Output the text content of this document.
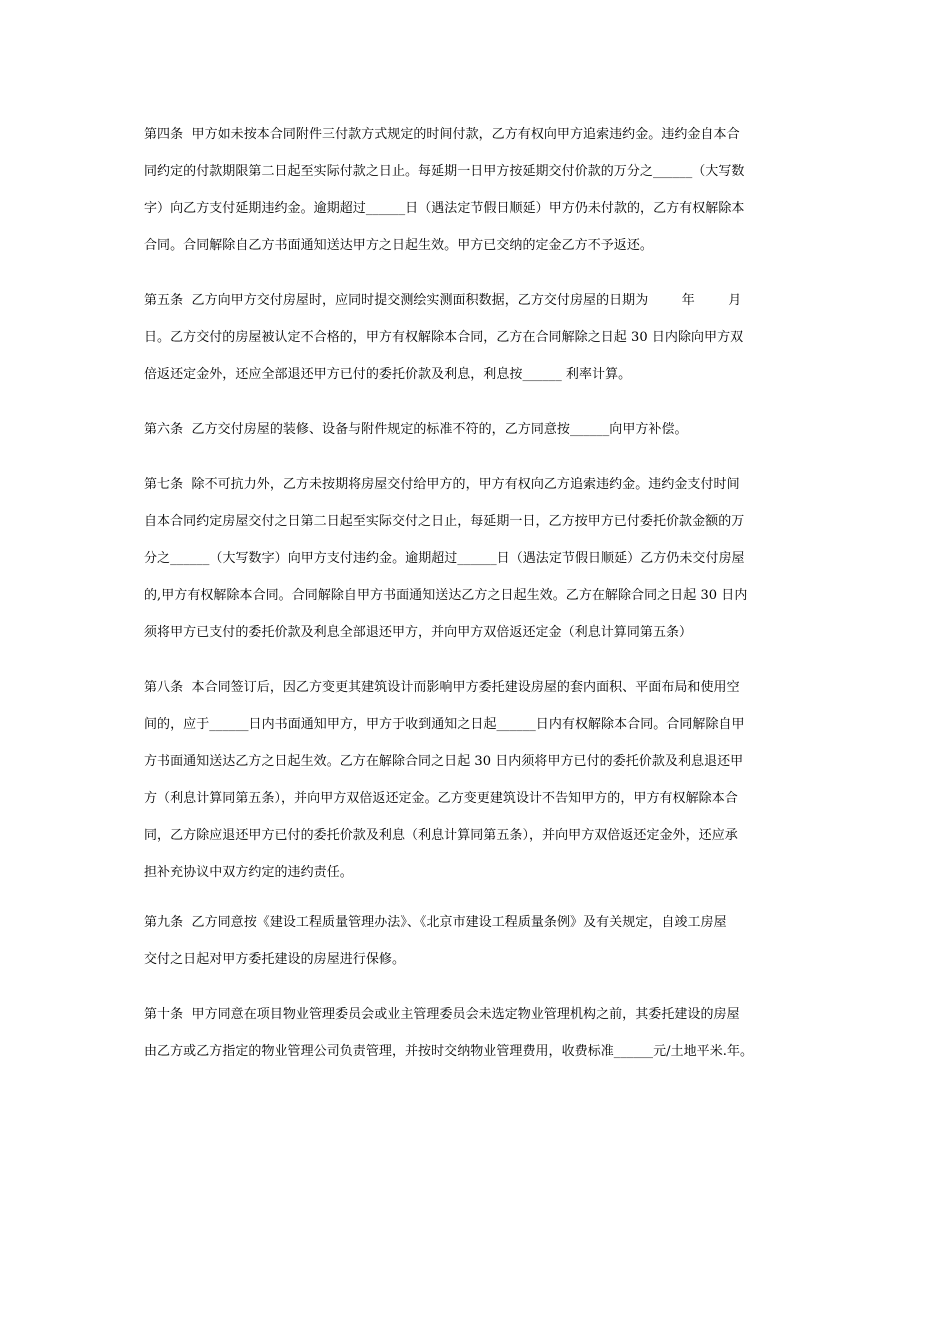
第四条  甲方如未按本合同附件三付款方式规定的时间付款，乙方有权向甲方追索违约金。违约金自本合
同约定的付款期限第二日起至实际付款之日止。每延期一日甲方按延期交付价款的万分之______（大写数
字）向乙方支付延期违约金。逾期超过______日（遇法定节假日顺延）甲方仍未付款的，乙方有权解除本
合同。合同解除自乙方书面通知送达甲方之日起生效。甲方已交纳的定金乙方不予返还。
第五条  乙方向甲方交付房屋时，应同时提交测绘实测面积数据，乙方交付房屋的日期为        年        月
日。乙方交付的房屋被认定不合格的，甲方有权解除本合同，乙方在合同解除之日起 30 日内除向甲方双
倍返还定金外，还应全部退还甲方已付的委托价款及利息，利息按______ 利率计算。
第六条  乙方交付房屋的装修、设备与附件规定的标准不符的，乙方同意按______向甲方补偿。
第七条  除不可抗力外，乙方未按期将房屋交付给甲方的，甲方有权向乙方追索违约金。违约金支付时间
自本合同约定房屋交付之日第二日起至实际交付之日止，每延期一日，乙方按甲方已付委托价款金额的万
分之______（大写数字）向甲方支付违约金。逾期超过______日（遇法定节假日顺延）乙方仍未交付房屋
的,甲方有权解除本合同。合同解除自甲方书面通知送达乙方之日起生效。乙方在解除合同之日起 30 日内
须将甲方已支付的委托价款及利息全部退还甲方，并向甲方双倍返还定金（利息计算同第五条）
第八条  本合同签订后，因乙方变更其建筑设计而影响甲方委托建设房屋的套内面积、平面布局和使用空
间的，应于______日内书面通知甲方，甲方于收到通知之日起______日内有权解除本合同。合同解除自甲
方书面通知送达乙方之日起生效。乙方在解除合同之日起 30 日内须将甲方已付的委托价款及利息退还甲
方（利息计算同第五条），并向甲方双倍返还定金。乙方变更建筑设计不告知甲方的，甲方有权解除本合
同，乙方除应退还甲方已付的委托价款及利息（利息计算同第五条），并向甲方双倍返还定金外，还应承
担补充协议中双方约定的违约责任。
第九条  乙方同意按《建设工程质量管理办法》、《北京市建设工程质量条例》及有关规定，自竣工房屋
交付之日起对甲方委托建设的房屋进行保修。
第十条  甲方同意在项目物业管理委员会或业主管理委员会未选定物业管理机构之前，其委托建设的房屋
由乙方或乙方指定的物业管理公司负责管理，并按时交纳物业管理费用，收费标准______元/土地平米.年。
